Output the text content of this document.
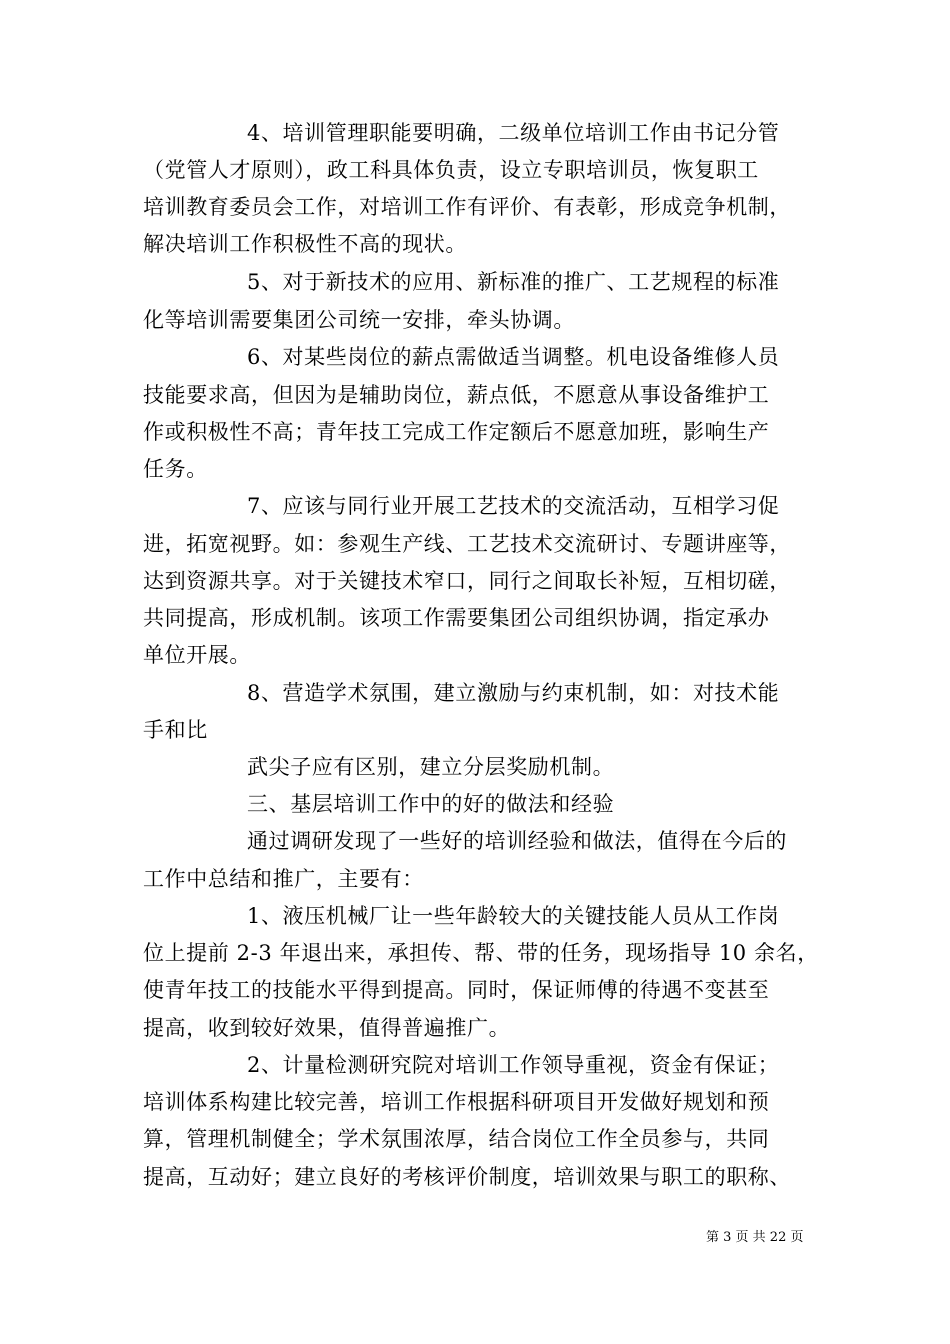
4、培训管理职能要明确，二级单位培训工作由书记分管
（党管人才原则），政工科具体负责，设立专职培训员，恢复职工
培训教育委员会工作，对培训工作有评价、有表彰，形成竞争机制，
解决培训工作积极性不高的现状。
5、对于新技术的应用、新标准的推广、工艺规程的标准
化等培训需要集团公司统一安排，牵头协调。
6、对某些岗位的薪点需做适当调整。机电设备维修人员
技能要求高，但因为是辅助岗位，薪点低，不愿意从事设备维护工
作或积极性不高；青年技工完成工作定额后不愿意加班，影响生产
任务。
7、应该与同行业开展工艺技术的交流活动，互相学习促
进，拓宽视野。如：参观生产线、工艺技术交流研讨、专题讲座等，
达到资源共享。对于关键技术窄口，同行之间取长补短，互相切磋，
共同提高，形成机制。该项工作需要集团公司组织协调，指定承办
单位开展。
8、营造学术氛围，建立激励与约束机制，如：对技术能
手和比
武尖子应有区别，建立分层奖励机制。
三、基层培训工作中的好的做法和经验
通过调研发现了一些好的培训经验和做法，值得在今后的
工作中总结和推广，主要有：
1、液压机械厂让一些年龄较大的关键技能人员从工作岗
位上提前 2-3 年退出来，承担传、帮、带的任务，现场指导 10 余名，
使青年技工的技能水平得到提高。同时，保证师傅的待遇不变甚至
提高，收到较好效果，值得普遍推广。
2、计量检测研究院对培训工作领导重视，资金有保证；
培训体系构建比较完善，培训工作根据科研项目开发做好规划和预
算，管理机制健全；学术氛围浓厚，结合岗位工作全员参与，共同
提高，互动好；建立良好的考核评价制度，培训效果与职工的职称、
第 3 页 共 22 页
